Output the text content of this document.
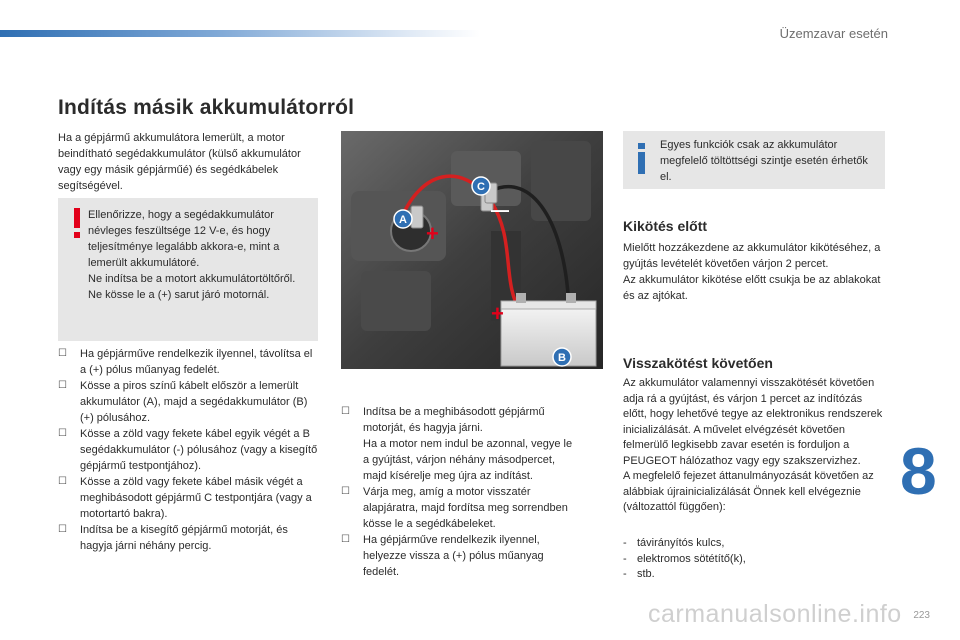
Üzemzavar esetén
Indítás másik akkumulátorról
Ha a gépjármű akkumulátora lemerült, a motor beindítható segédakkumulátor (külső akkumulátor vagy egy másik gépjárműé) és segédkábelek segítségével.
Ellenőrizze, hogy a segédakkumulátor névleges feszültsége 12 V-e, és hogy teljesítménye legalább akkora-e, mint a lemerült akkumulátoré.
Ne indítsa be a motort akkumulátortöltőről.
Ne kösse le a (+) sarut járó motornál.
☐ Ha gépjárműve rendelkezik ilyennel, távolítsa el a (+) pólus műanyag fedelét.
☐ Kösse a piros színű kábelt először a lemerült akkumulátor (A), majd a segédakkumulátor (B) (+) pólusához.
☐ Kösse a zöld vagy fekete kábel egyik végét a B segédakkumulátor (-) pólusához (vagy a kisegítő gépjármű testpontjához).
☐ Kösse a zöld vagy fekete kábel másik végét a meghibásodott gépjármű C testpontjára (vagy a motortartó bakra).
☐ Indítsa be a kisegítő gépjármű motorját, és hagyja járni néhány percig.
+
+
—
A
C
B
☐ Indítsa be a meghibásodott gépjármű motorját, és hagyja járni.
Ha a motor nem indul be azonnal, vegye le a gyújtást, várjon néhány másodpercet, majd kísérelje meg újra az indítást.
☐ Várja meg, amíg a motor visszatér alapjáratra, majd fordítsa meg sorrendben kösse le a segédkábeleket.
☐ Ha gépjárműve rendelkezik ilyennel, helyezze vissza a (+) pólus műanyag fedelét.
Egyes funkciók csak az akkumulátor megfelelő töltöttségi szintje esetén érhetők el.
Kikötés előtt
Mielőtt hozzákezdene az akkumulátor kikötéséhez, a gyújtás levételét követően várjon 2 percet.
Az akkumulátor kikötése előtt csukja be az ablakokat és az ajtókat.
Visszakötést követően
Az akkumulátor valamennyi visszakötését követően adja rá a gyújtást, és várjon 1 percet az indítózás előtt, hogy lehetővé tegye az elektronikus rendszerek inicializálását. A művelet elvégzését követően felmerülő legkisebb zavar esetén is forduljon a PEUGEOT hálózathoz vagy egy szakszervizhez.
A megfelelő fejezet áttanulmányozását követően az alábbiak újrainicializálását Önnek kell elvégeznie (változattól függően):
- távirányítós kulcs,
- elektromos sötétítő(k),
- stb.
8
carmanualsonline.info 223
